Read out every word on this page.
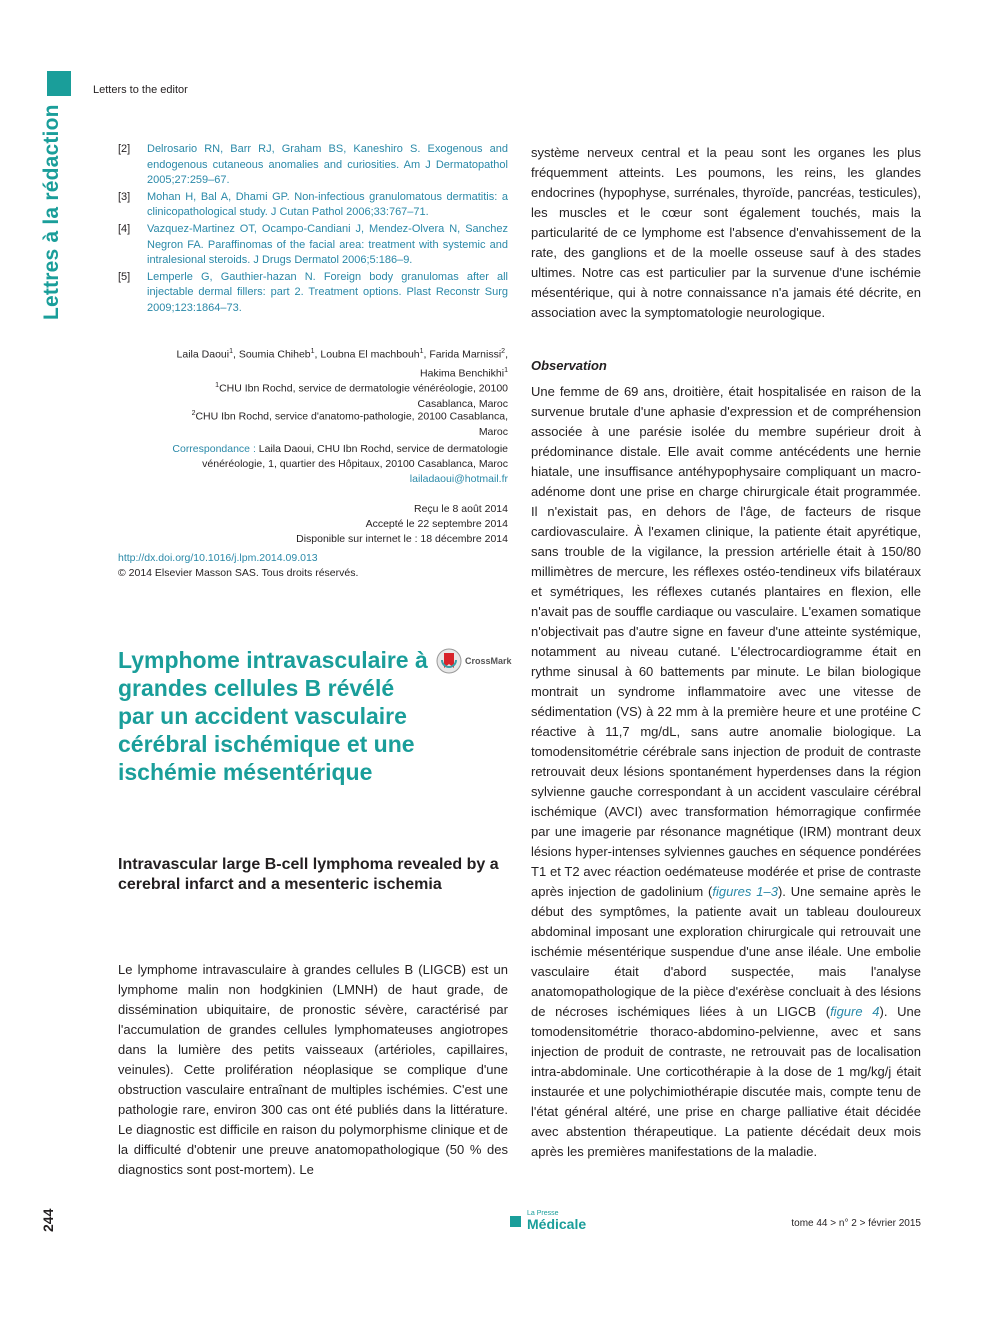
Letters to the editor
Lettres à la rédaction
244
[2]	Delrosario RN, Barr RJ, Graham BS, Kaneshiro S. Exogenous and endogenous cutaneous anomalies and curiosities. Am J Dermatopathol 2005;27:259–67.
[3]	Mohan H, Bal A, Dhami GP. Non-infectious granulomatous dermatitis: a clinicopathological study. J Cutan Pathol 2006;33:767–71.
[4]	Vazquez-Martinez OT, Ocampo-Candiani J, Mendez-Olvera N, Sanchez Negron FA. Paraffinomas of the facial area: treatment with systemic and intralesional steroids. J Drugs Dermatol 2006;5:186–9.
[5]	Lemperle G, Gauthier-hazan N. Foreign body granulomas after all injectable dermal fillers: part 2. Treatment options. Plast Reconstr Surg 2009;123:1864–73.
Laila Daoui$^1$, Soumia Chiheb$^1$, Loubna El machbouh$^1$, Farida Marnissi$^2$, Hakima Benchikhi$^1$
$^1$CHU Ibn Rochd, service de dermatologie vénéréologie, 20100 Casablanca, Maroc
$^2$CHU Ibn Rochd, service d'anatomo-pathologie, 20100 Casablanca, Maroc
Correspondance : Laila Daoui, CHU Ibn Rochd, service de dermatologie vénéréologie, 1, quartier des Hôpitaux, 20100 Casablanca, Maroc
lailadaoui@hotmail.fr
Reçu le 8 août 2014
Accepté le 22 septembre 2014
Disponible sur internet le : 18 décembre 2014
http://dx.doi.org/10.1016/j.lpm.2014.09.013
© 2014 Elsevier Masson SAS. Tous droits réservés.
Lymphome intravasculaire à grandes cellules B révélé par un accident vasculaire cérébral ischémique et une ischémie mésentérique
CrossMark
Intravascular large B-cell lymphoma revealed by a cerebral infarct and a mesenteric ischemia
Le lymphome intravasculaire à grandes cellules B (LIGCB) est un lymphome malin non hodgkinien (LMNH) de haut grade, de dissémination ubiquitaire, de pronostic sévère, caractérisé par l'accumulation de grandes cellules lymphomateuses angiotropes dans la lumière des petits vaisseaux (artérioles, capillaires, veinules). Cette prolifération néoplasique se complique d'une obstruction vasculaire entraînant de multiples ischémies. C'est une pathologie rare, environ 300 cas ont été publiés dans la littérature. Le diagnostic est difficile en raison du polymorphisme clinique et de la difficulté d'obtenir une preuve anatomopathologique (50 % des diagnostics sont post-mortem). Le
système nerveux central et la peau sont les organes les plus fréquemment atteints. Les poumons, les reins, les glandes endocrines (hypophyse, surrénales, thyroïde, pancréas, testicules), les muscles et le cœur sont également touchés, mais la particularité de ce lymphome est l'absence d'envahissement de la rate, des ganglions et de la moelle osseuse sauf à des stades ultimes. Notre cas est particulier par la survenue d'une ischémie mésentérique, qui à notre connaissance n'a jamais été décrite, en association avec la symptomatologie neurologique.
Observation

Une femme de 69 ans, droitière, était hospitalisée en raison de la survenue brutale d'une aphasie d'expression et de compréhension associée à une parésie isolée du membre supérieur droit à prédominance distale. Elle avait comme antécédents une hernie hiatale, une insuffisance antéhypophysaire compliquant un macro-adénome dont une prise en charge chirurgicale était programmée. Il n'existait pas, en dehors de l'âge, de facteurs de risque cardiovasculaire. À l'examen clinique, la patiente était apyrétique, sans trouble de la vigilance, la pression artérielle était à 150/80 millimètres de mercure, les réflexes ostéo-tendineux vifs bilatéraux et symétriques, les réflexes cutanés plantaires en flexion, elle n'avait pas de souffle cardiaque ou vasculaire. L'examen somatique n'objectivait pas d'autre signe en faveur d'une atteinte systémique, notamment au niveau cutané. L'électrocardiogramme était en rythme sinusal à 60 battements par minute. Le bilan biologique montrait un syndrome inflammatoire avec une vitesse de sédimentation (VS) à 22 mm à la première heure et une protéine C réactive à 11,7 mg/dL, sans autre anomalie biologique. La tomodensitométrie cérébrale sans injection de produit de contraste retrouvait deux lésions spontanément hyperdenses dans la région sylvienne gauche correspondant à un accident vasculaire cérébral ischémique (AVCI) avec transformation hémorragique confirmée par une imagerie par résonance magnétique (IRM) montrant deux lésions hyper-intenses sylviennes gauches en séquence pondérées T1 et T2 avec réaction oedémateuse modérée et prise de contraste après injection de gadolinium (figures 1–3). Une semaine après le début des symptômes, la patiente avait un tableau douloureux abdominal imposant une exploration chirurgicale qui retrouvait une ischémie mésentérique suspendue d'une anse iléale. Une embolie vasculaire était d'abord suspectée, mais l'analyse anatomopathologique de la pièce d'exérèse concluait à des lésions de nécroses ischémiques liées à un LIGCB (figure 4). Une tomodensitométrie thoraco-abdomino-pelvienne, avec et sans injection de produit de contraste, ne retrouvait pas de localisation intra-abdominale. Une corticothérapie à la dose de 1 mg/kg/j était instaurée et une polychimiothérapie discutée mais, compte tenu de l'état général altéré, une prise en charge palliative était décidée avec abstention thérapeutique. La patiente décédait deux mois après les premières manifestations de la maladie.

La Presse
Médicale	tome 44 > n° 2 > février 2015
